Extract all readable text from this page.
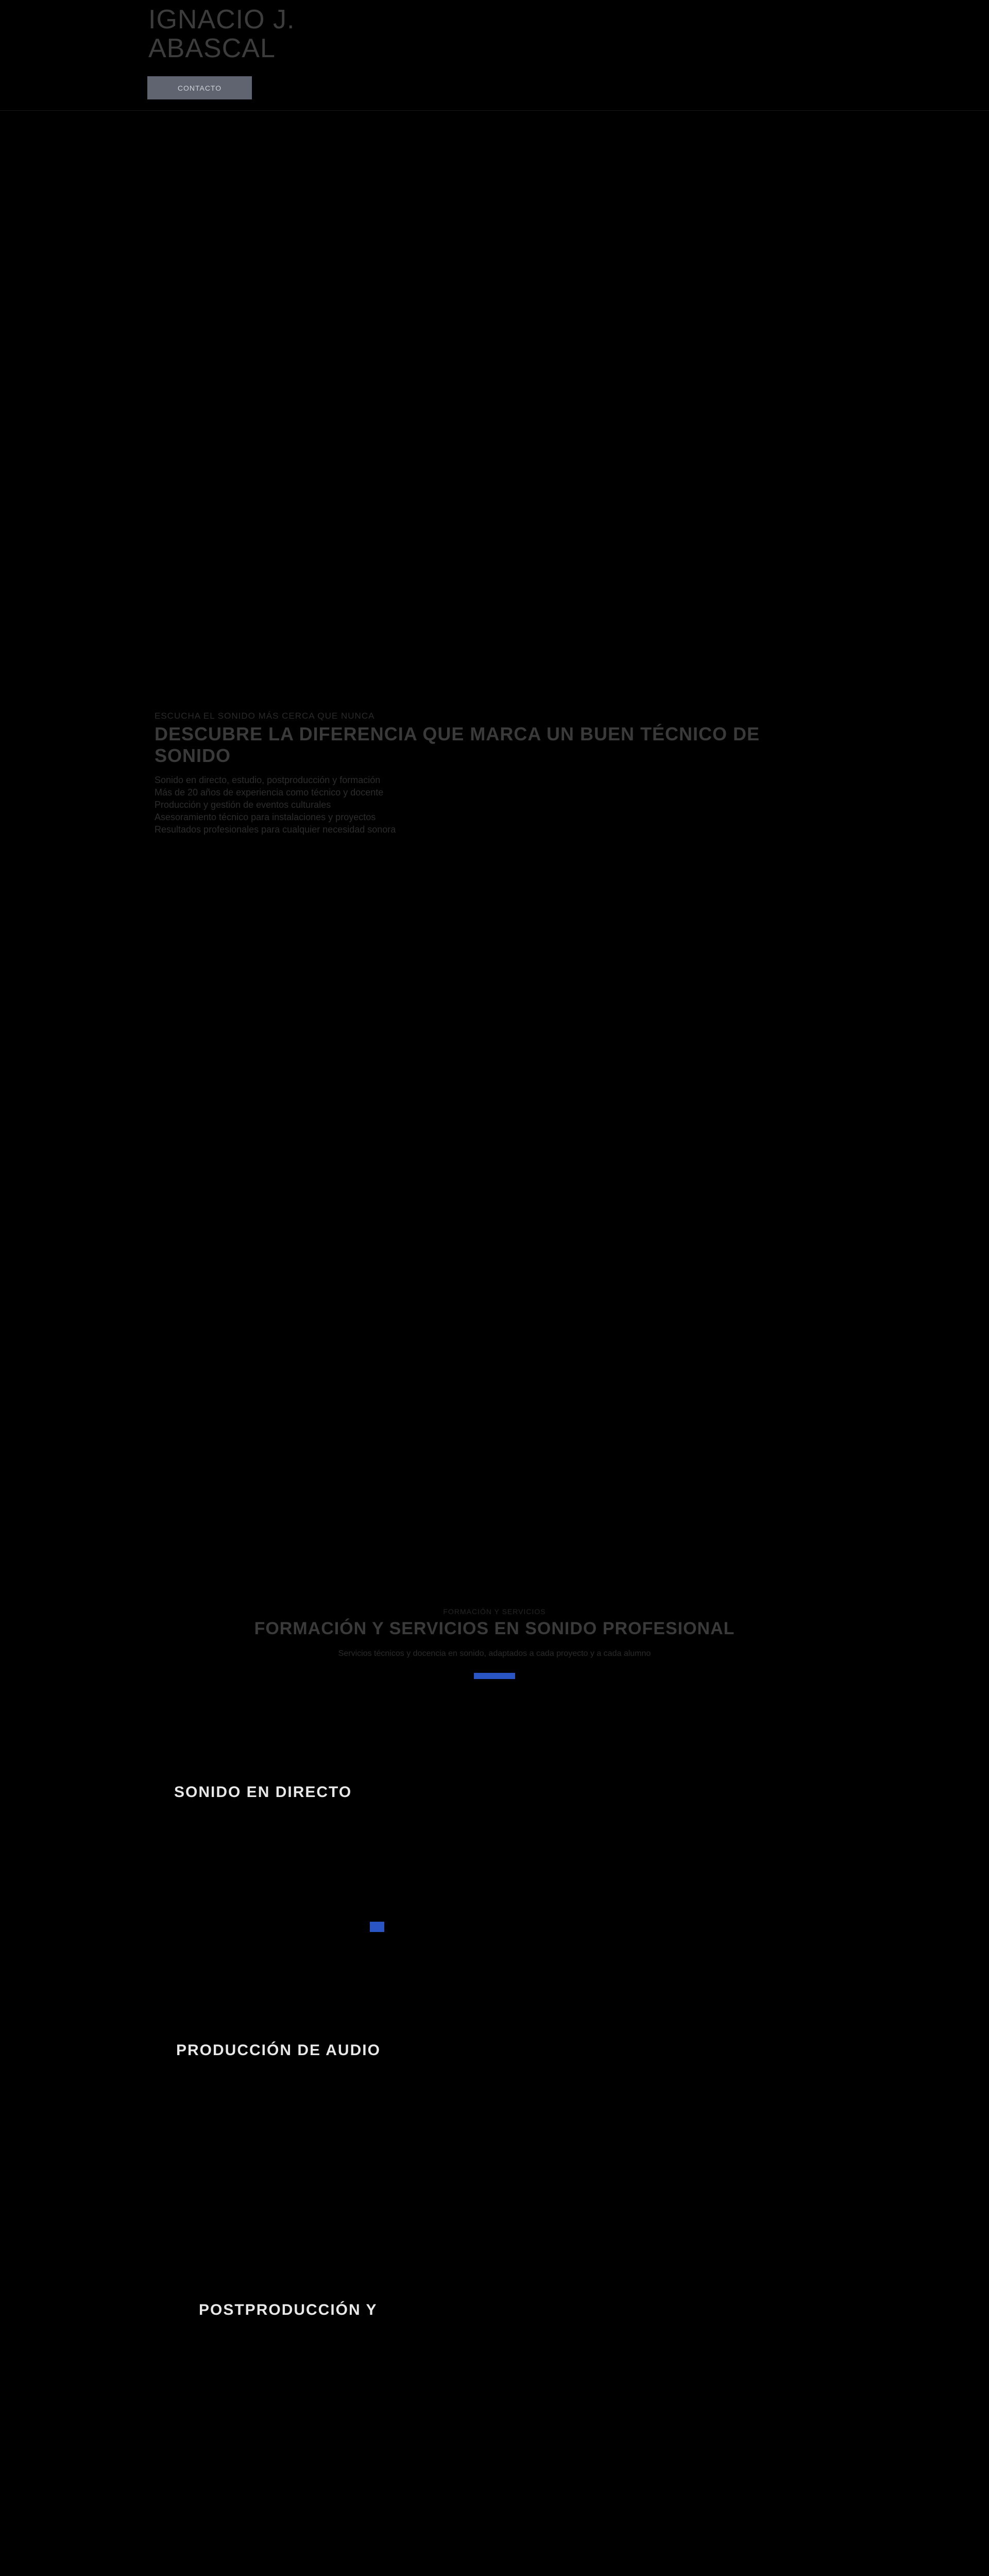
IGNACIO J.
ABASCAL
CONTACTO
ESCUCHA EL SONIDO MÁS CERCA QUE NUNCA
DESCUBRE LA DIFERENCIA QUE MARCA UN BUEN TÉCNICO DE SONIDO
Sonido en directo, estudio, postproducción y formación
Más de 20 años de experiencia como técnico y docente
Producción y gestión de eventos culturales
Asesoramiento técnico para instalaciones y proyectos
Resultados profesionales para cualquier necesidad sonora
FORMACIÓN Y SERVICIOS
FORMACIÓN Y SERVICIOS EN SONIDO PROFESIONAL

Servicios técnicos y docencia en sonido, adaptados a cada proyecto y a cada alumno

SONIDO EN DIRECTO
PRODUCCIÓN DE AUDIO
POSTPRODUCCIÓN Y
